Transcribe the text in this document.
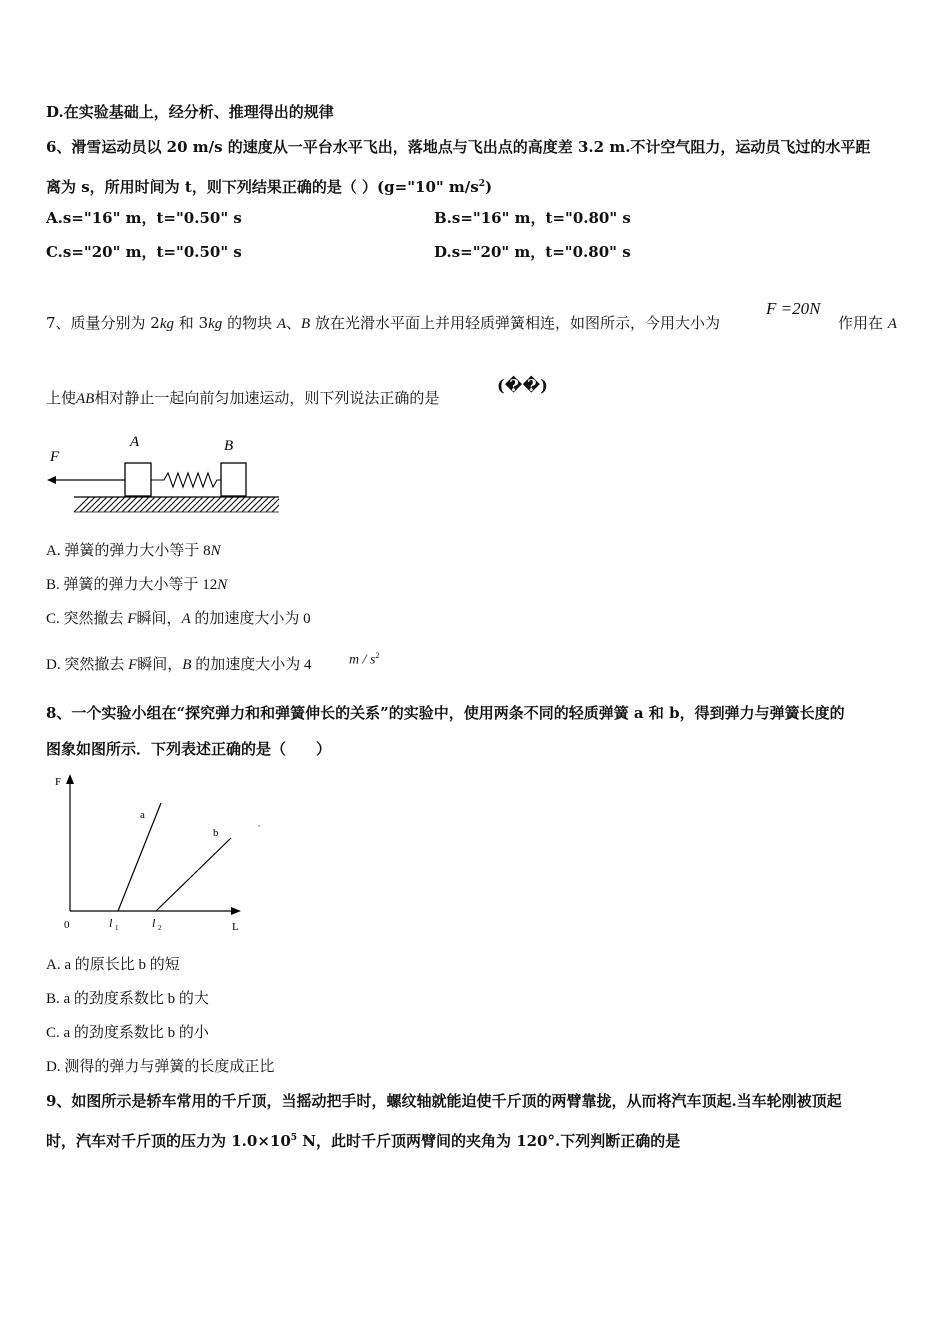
D.在实验基础上，经分析、推理得出的规律
6、滑雪运动员以 20 m/s 的速度从一平台水平飞出，落地点与飞出点的高度差 3.2 m.不计空气阻力，运动员飞过的水平距
离为 s，所用时间为 t，则下列结果正确的是（ ）(g="10" $m/s^2$)
A.s="16" m，t="0.50" s	B.s="16" m，t="0.80" s
C.s="20" m，t="0.50" s	D.s="20" m，t="0.80" s
7、质量分别为 2kg 和 3kg 的物块 A、B 放在光滑水平面上并用轻质弹簧相连，如图所示，今用大小为
F =20N
作用在 A
上使AB相对静止一起向前匀加速运动，则下列说法正确的是
(��)
F
A	B
A. 弹簧的弹力大小等于 8N
B. 弹簧的弹力大小等于 12N
C. 突然撤去 F瞬间，A 的加速度大小为 0
D. 突然撤去 F瞬间，B 的加速度大小为 4	m / $s^2$
8、一个实验小组在“探究弹力和和弹簧伸长的关系”的实验中，使用两条不同的轻质弹簧 a 和 b，得到弹力与弹簧长度的
图象如图所示．下列表述正确的是（　　）
F
L
0	l 1	l 2
a
b
A. a 的原长比 b 的短
B. a 的劲度系数比 b 的大
C. a 的劲度系数比 b 的小
D. 测得的弹力与弹簧的长度成正比
9、如图所示是轿车常用的千斤顶，当摇动把手时，螺纹轴就能迫使千斤顶的两臂靠拢，从而将汽车顶起.当车轮刚被顶起
时，汽车对千斤顶的压力为 $1.0\times 10^5$ N，此时千斤顶两臂间的夹角为 120°.下列判断正确的是
